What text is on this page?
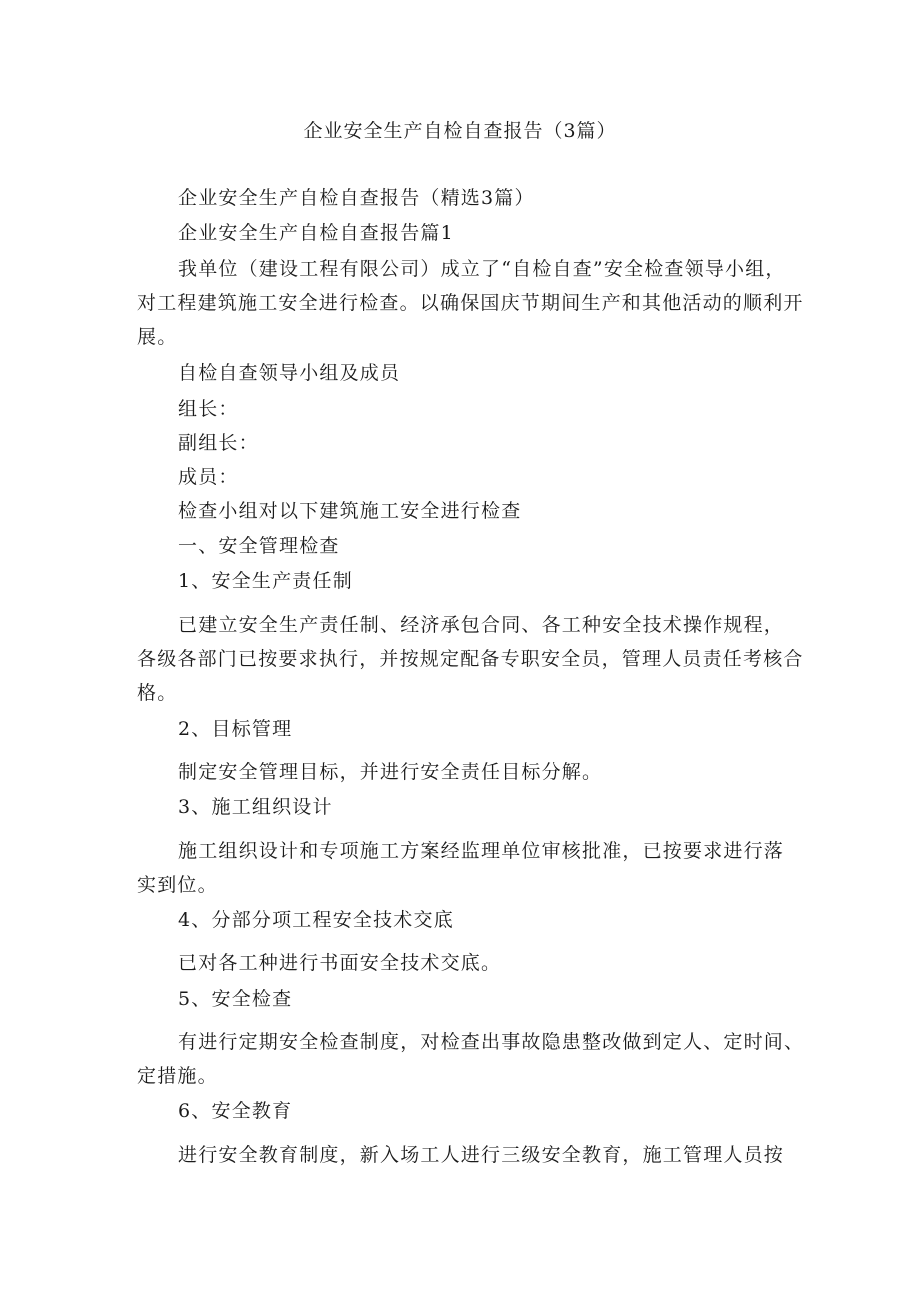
企业安全生产自检自查报告（3篇）
企业安全生产自检自查报告（精选3篇）
企业安全生产自检自查报告篇1
我单位（建设工程有限公司）成立了“自检自查”安全检查领导小组，
对工程建筑施工安全进行检查。以确保国庆节期间生产和其他活动的顺利开
展。
自检自查领导小组及成员
组长：
副组长：
成员：
检查小组对以下建筑施工安全进行检查
一、安全管理检查
1、安全生产责任制
已建立安全生产责任制、经济承包合同、各工种安全技术操作规程，
各级各部门已按要求执行，并按规定配备专职安全员，管理人员责任考核合
格。
2、目标管理
制定安全管理目标，并进行安全责任目标分解。
3、施工组织设计
施工组织设计和专项施工方案经监理单位审核批准，已按要求进行落
实到位。
4、分部分项工程安全技术交底
已对各工种进行书面安全技术交底。
5、安全检查
有进行定期安全检查制度，对检查出事故隐患整改做到定人、定时间、
定措施。
6、安全教育
进行安全教育制度，新入场工人进行三级安全教育，施工管理人员按
